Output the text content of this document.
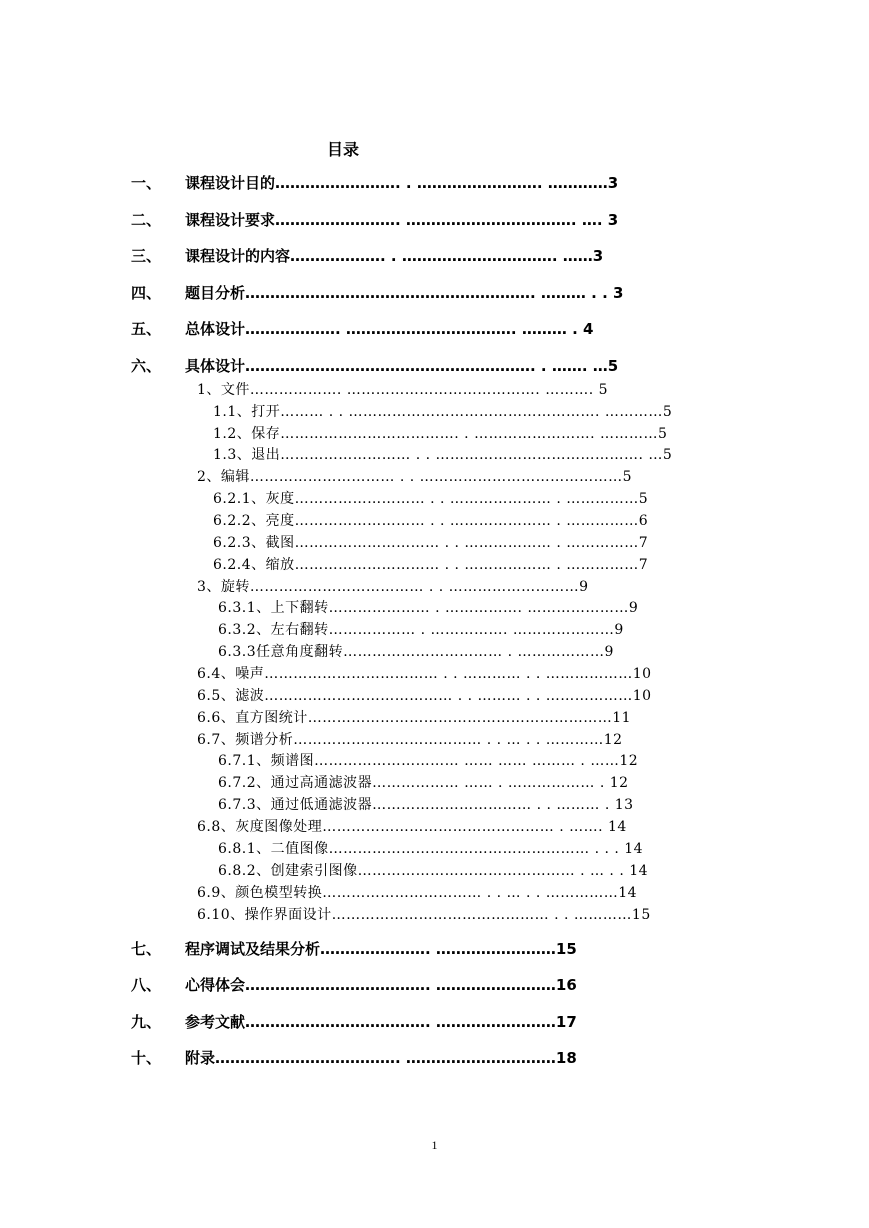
目录
一、 课程设计目的……………………. . ……………………. …………3
二、 课程设计要求……………………. ……………………………. …. 3
三、 课程设计的内容………………. . …………………………. ……3
四、 题目分析…………………………………………………. ……… . . 3
五、 总体设计………………. ……………………………. ……… . 4
六、 具体设计…………………………………………………. . ……. …5
1、文件………………. …………………………………. ………. 5
1.1、打开……… . . ……………………………………………. …………5
1.2、保存………………………………. . ……………………. …………5
1.3、退出……………………… . . ……………………………………. …5
2、编辑………………………… . . ……………………………………5
6.2.1、灰度……………………… . . ………………… . ……………5
6.2.2、亮度……………………… . . ………………… . ……………6
6.2.3、截图………………………… . . ……………… . ……………7
6.2.4、缩放………………………… . . ……………… . ……………7
3、旋转……………………………… . . ………………………9
6.3.1、上下翻转………………… . ……………. …………………9
6.3.2、左右翻转……………… . ……………. …………………9
6.3.3任意角度翻转…………………………… . ………………9
6.4、噪声……………………………… . . ………… . . ………………10
6.5、滤波………………………………… . . ……… . . ………………10
6.6、直方图统计………………………………………………………11
6.7、频谱分析………………………………… . . … . . …………12
6.7.1、频谱图………………………… …… …… ……… . ……12
6.7.2、通过高通滤波器……………… …… . ……………… . 12
6.7.3、通过低通滤波器…………………………… . . ……… . 13
6.8、灰度图像处理………………………………………… . ……. 14
6.8.1、二值图像……………………………………………… . . . 14
6.8.2、创建索引图像……………………………………… . … . . 14
6.9、颜色模型转换…………………………… . . … . . ……………14
6.10、操作界面设计……………………………………… . . …………15
七、 程序调试及结果分析…………………. ……………………15
八、 心得体会………………………………. ……………………16
九、 参考文献………………………………. ……………………17
十、 附录………………………………. …………………………18
1
